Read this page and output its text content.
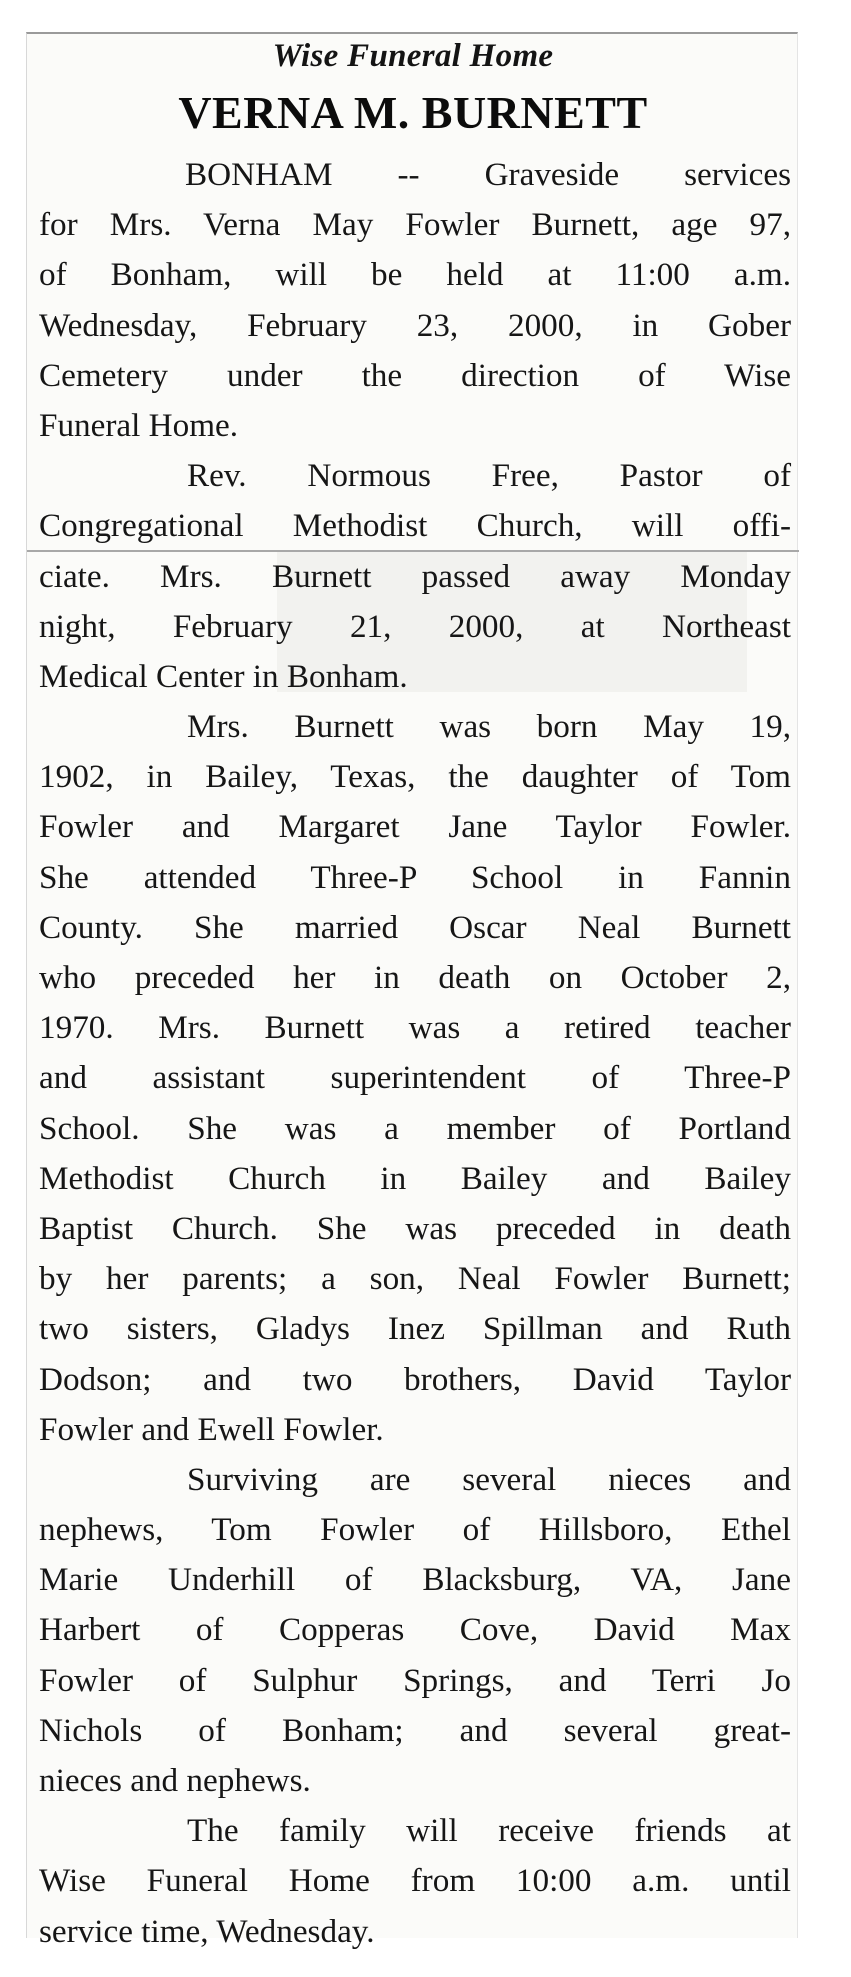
Wise Funeral Home
VERNA M. BURNETT
BONHAM -- Graveside services
for Mrs. Verna May Fowler Burnett, age 97,
of Bonham, will be held at 11:00 a.m.
Wednesday, February 23, 2000, in Gober
Cemetery under the direction of Wise
Funeral Home.
Rev. Normous Free, Pastor of
Congregational Methodist Church, will offi-
ciate. Mrs. Burnett passed away Monday
night, February 21, 2000, at Northeast
Medical Center in Bonham.
Mrs. Burnett was born May 19,
1902, in Bailey, Texas, the daughter of Tom
Fowler and Margaret Jane Taylor Fowler.
She attended Three-P School in Fannin
County. She married Oscar Neal Burnett
who preceded her in death on October 2,
1970. Mrs. Burnett was a retired teacher
and assistant superintendent of Three-P
School. She was a member of Portland
Methodist Church in Bailey and Bailey
Baptist Church. She was preceded in death
by her parents; a son, Neal Fowler Burnett;
two sisters, Gladys Inez Spillman and Ruth
Dodson; and two brothers, David Taylor
Fowler and Ewell Fowler.
Surviving are several nieces and
nephews, Tom Fowler of Hillsboro, Ethel
Marie Underhill of Blacksburg, VA, Jane
Harbert of Copperas Cove, David Max
Fowler of Sulphur Springs, and Terri Jo
Nichols of Bonham; and several great-
nieces and nephews.
The family will receive friends at
Wise Funeral Home from 10:00 a.m. until
service time, Wednesday.
